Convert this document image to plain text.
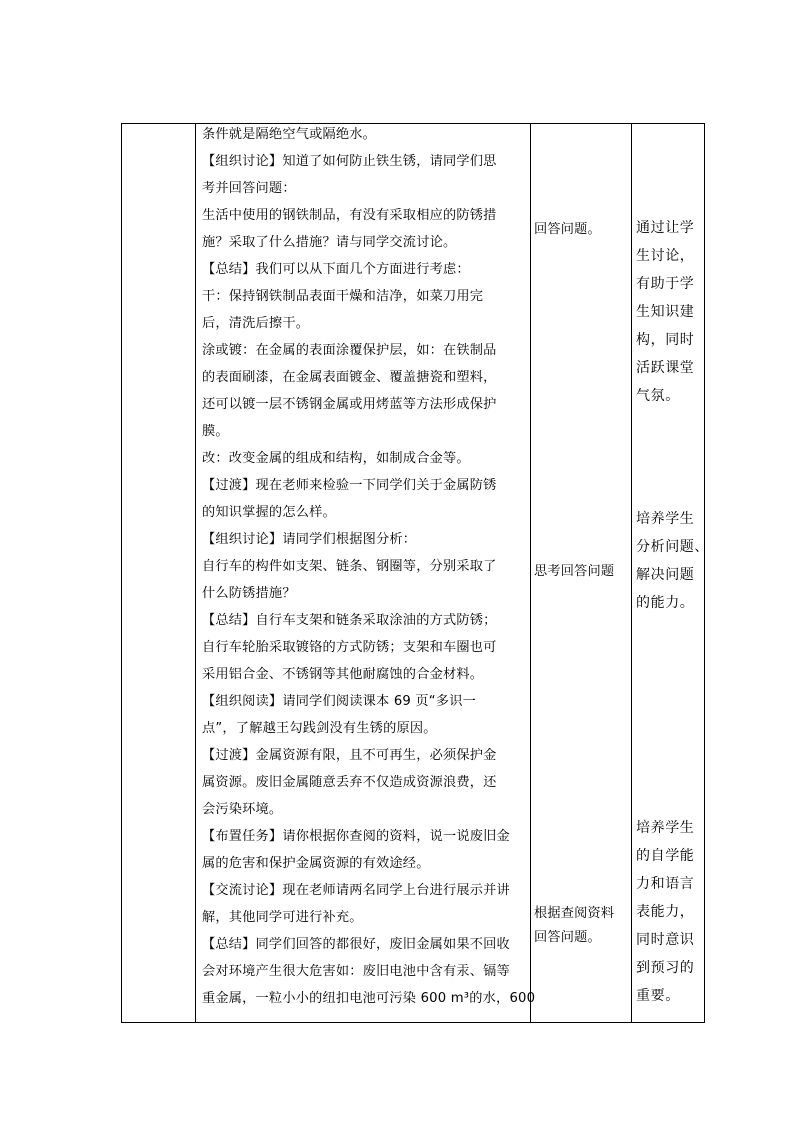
条件就是隔绝空气或隔绝水。
【组织讨论】知道了如何防止铁生锈，请同学们思
考并回答问题：
生活中使用的钢铁制品，有没有采取相应的防锈措
施？采取了什么措施？请与同学交流讨论。
【总结】我们可以从下面几个方面进行考虑：
干：保持钢铁制品表面干燥和洁净，如菜刀用完
后，清洗后擦干。
涂或镀：在金属的表面涂覆保护层，如：在铁制品
的表面刷漆，在金属表面镀金、覆盖搪瓷和塑料，
还可以镀一层不锈钢金属或用烤蓝等方法形成保护
膜。
改：改变金属的组成和结构，如制成合金等。
【过渡】现在老师来检验一下同学们关于金属防锈
的知识掌握的怎么样。
【组织讨论】请同学们根据图分析：
自行车的构件如支架、链条、钢圈等，分别采取了
什么防锈措施？
【总结】自行车支架和链条采取涂油的方式防锈；
自行车轮胎采取镀铬的方式防锈；支架和车圈也可
采用铝合金、不锈钢等其他耐腐蚀的合金材料。
【组织阅读】请同学们阅读课本 69 页“多识一
点”，了解越王勾践剑没有生锈的原因。
【过渡】金属资源有限，且不可再生，必须保护金
属资源。废旧金属随意丢弃不仅造成资源浪费，还
会污染环境。
【布置任务】请你根据你查阅的资料，说一说废旧金
属的危害和保护金属资源的有效途经。
【交流讨论】现在老师请两名同学上台进行展示并讲
解，其他同学可进行补充。
【总结】同学们回答的都很好，废旧金属如果不回收
会对环境产生很大危害如：废旧电池中含有汞、镉等
重金属，一粒小小的纽扣电池可污染 600 m³的水，600
回答问题。
思考回答问题
根据查阅资料
回答问题。
通过让学
生讨论，
有助于学
生知识建
构，同时
活跃课堂
气氛。
培养学生
分析问题、
解决问题
的能力。
培养学生
的自学能
力和语言
表能力，
同时意识
到预习的
重要。
